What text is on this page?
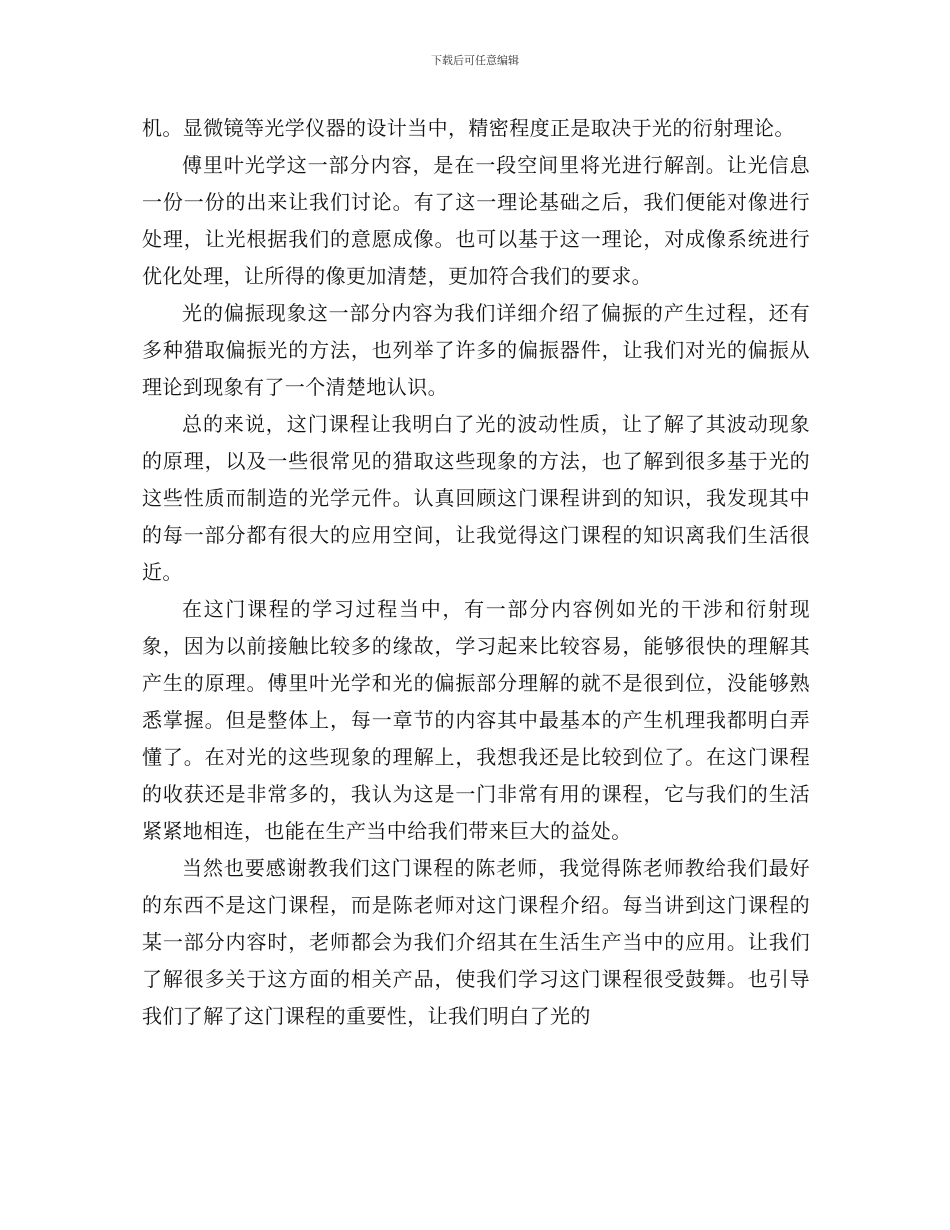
下载后可任意编辑

机。显微镜等光学仪器的设计当中，精密程度正是取决于光的衍射理论。

傅里叶光学这一部分内容，是在一段空间里将光进行解剖。让光信息一份一份的出来让我们讨论。有了这一理论基础之后，我们便能对像进行处理，让光根据我们的意愿成像。也可以基于这一理论，对成像系统进行优化处理，让所得的像更加清楚，更加符合我们的要求。

光的偏振现象这一部分内容为我们详细介绍了偏振的产生过程，还有多种猎取偏振光的方法，也列举了许多的偏振器件，让我们对光的偏振从理论到现象有了一个清楚地认识。

总的来说，这门课程让我明白了光的波动性质，让了解了其波动现象的原理，以及一些很常见的猎取这些现象的方法，也了解到很多基于光的这些性质而制造的光学元件。认真回顾这门课程讲到的知识，我发现其中的每一部分都有很大的应用空间，让我觉得这门课程的知识离我们生活很近。

在这门课程的学习过程当中，有一部分内容例如光的干涉和衍射现象，因为以前接触比较多的缘故，学习起来比较容易，能够很快的理解其产生的原理。傅里叶光学和光的偏振部分理解的就不是很到位，没能够熟悉掌握。但是整体上，每一章节的内容其中最基本的产生机理我都明白弄懂了。在对光的这些现象的理解上，我想我还是比较到位了。在这门课程的收获还是非常多的，我认为这是一门非常有用的课程，它与我们的生活紧紧地相连，也能在生产当中给我们带来巨大的益处。

当然也要感谢教我们这门课程的陈老师，我觉得陈老师教给我们最好的东西不是这门课程，而是陈老师对这门课程介绍。每当讲到这门课程的某一部分内容时，老师都会为我们介绍其在生活生产当中的应用。让我们了解很多关于这方面的相关产品，使我们学习这门课程很受鼓舞。也引导我们了解了这门课程的重要性，让我们明白了光的
